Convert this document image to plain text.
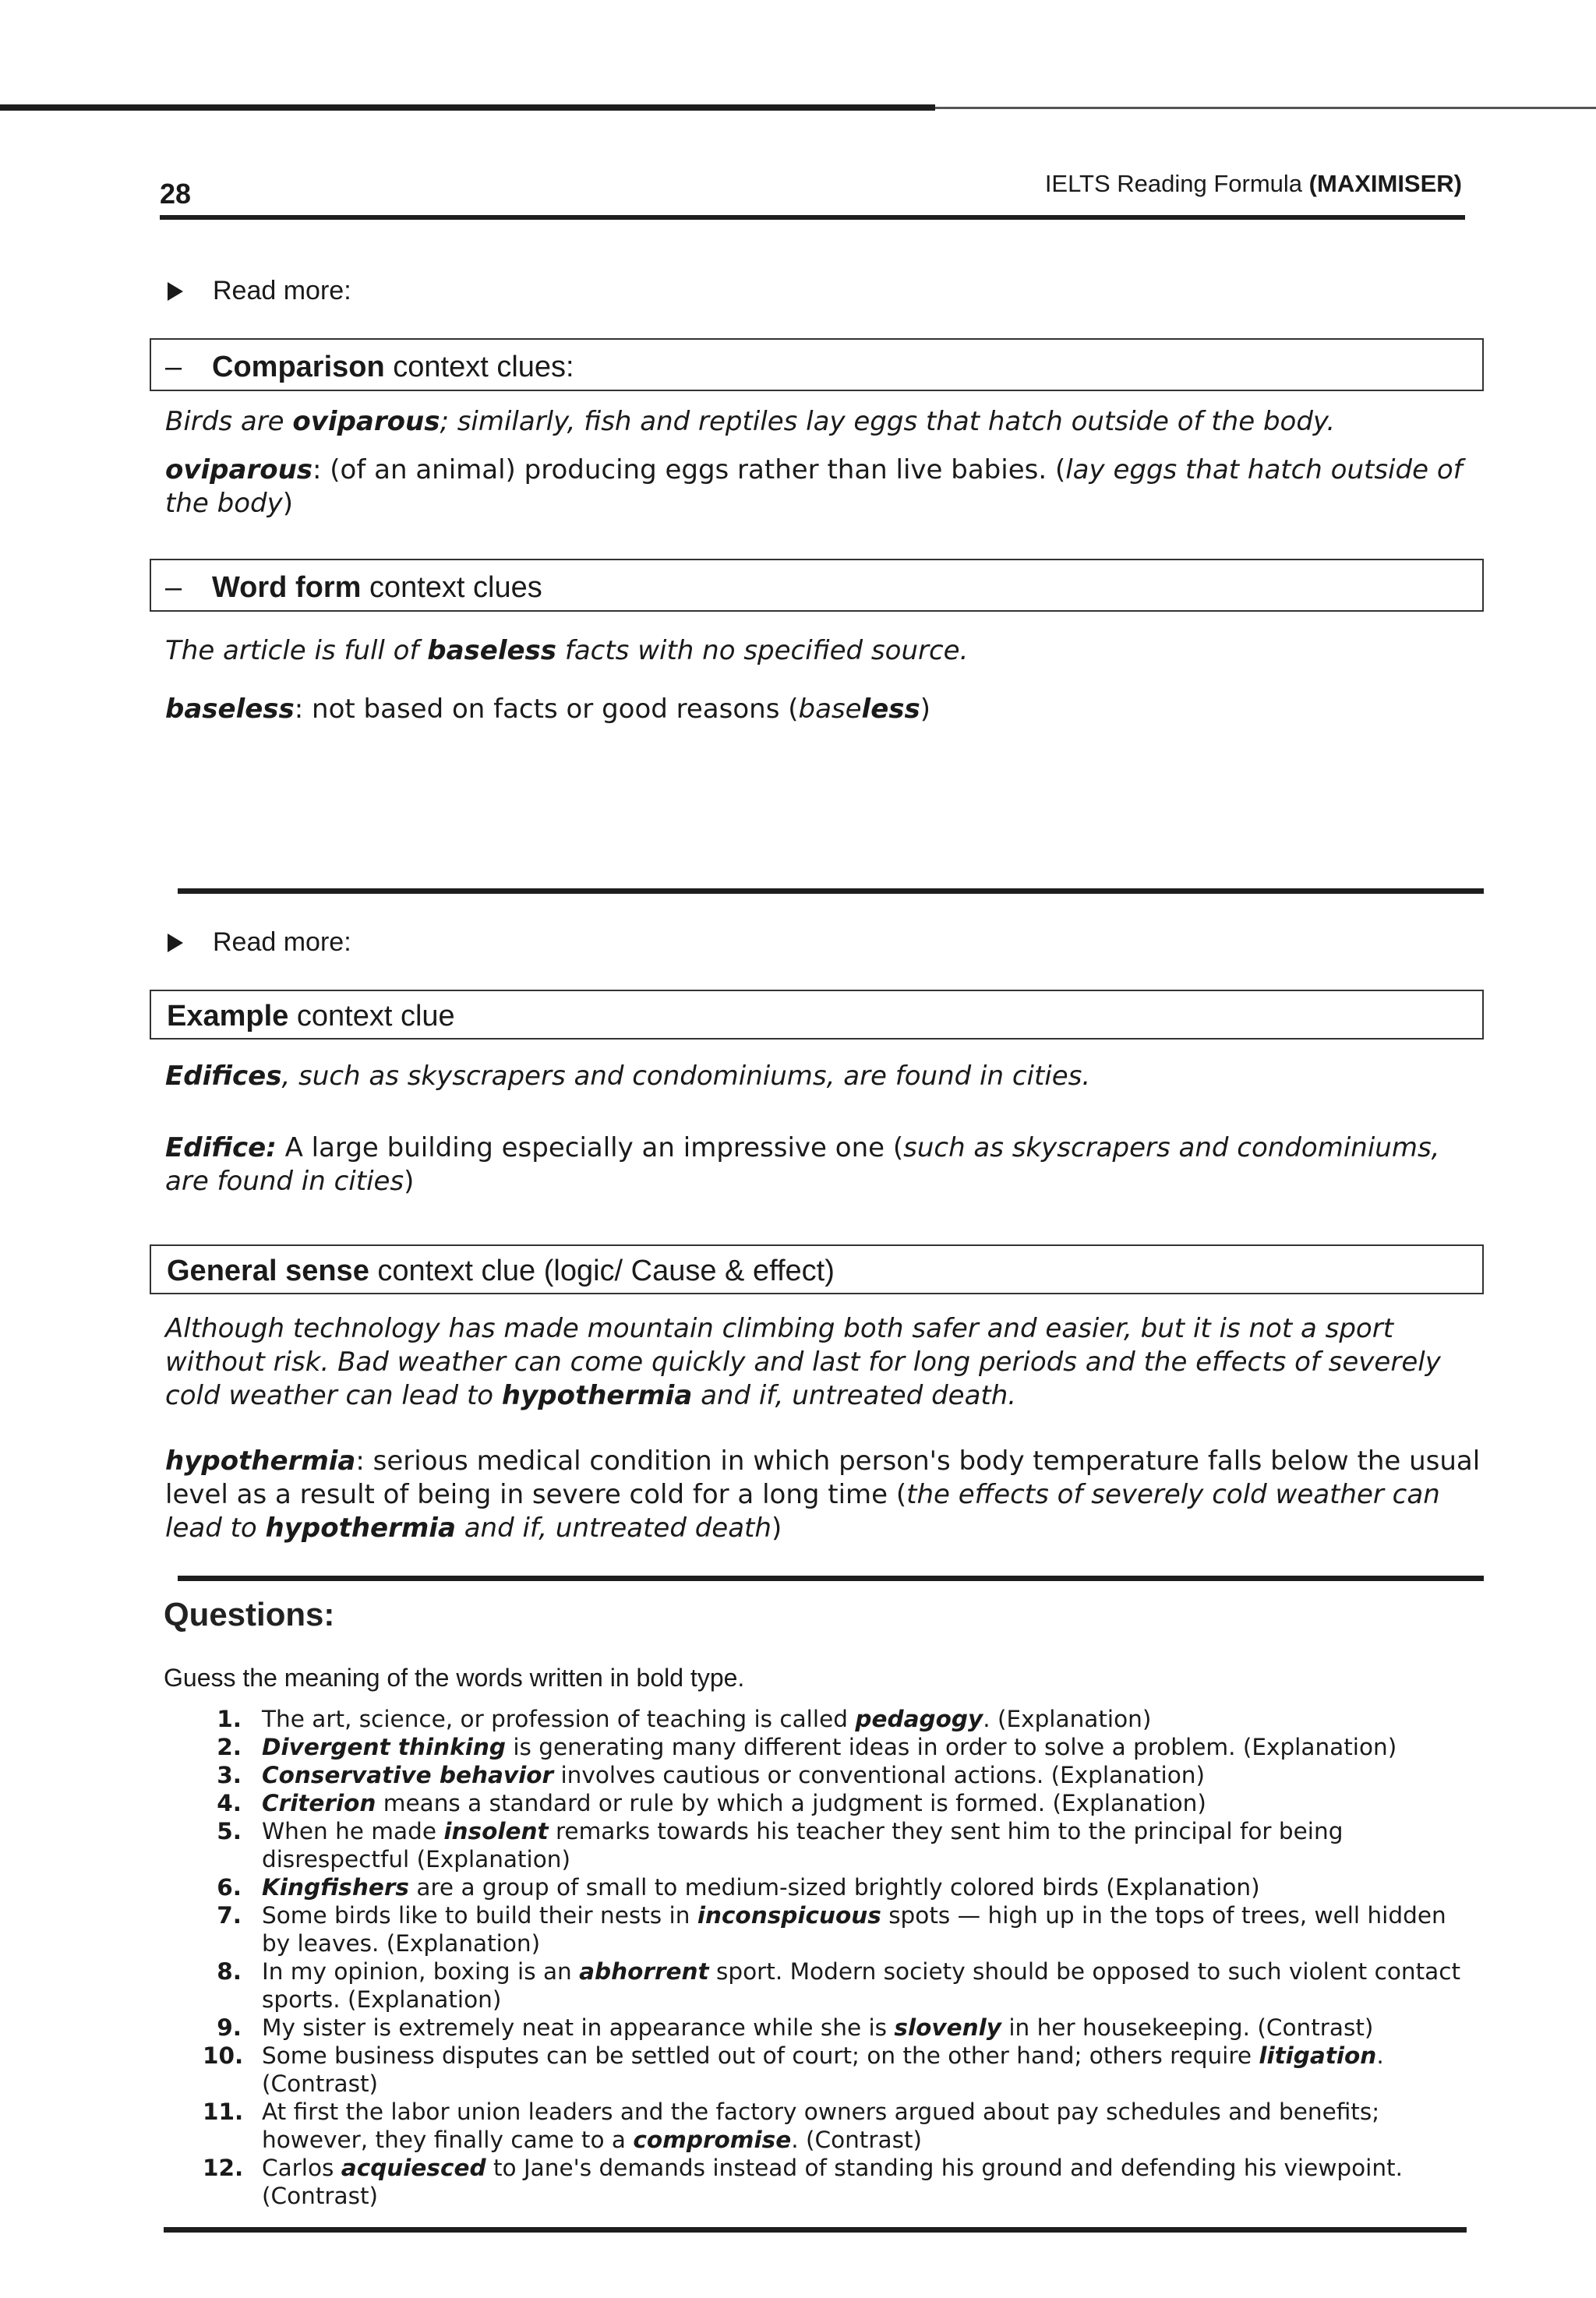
28	IELTS Reading Formula (MAXIMISER)
Read more:
– Comparison context clues:
Birds are oviparous; similarly, fish and reptiles lay eggs that hatch outside of the body.
oviparous: (of an animal) producing eggs rather than live babies. (lay eggs that hatch outside of the body)
– Word form context clues
The article is full of baseless facts with no specified source.
baseless: not based on facts or good reasons (baseless)
Read more:
Example context clue
Edifices, such as skyscrapers and condominiums, are found in cities.
Edifice: A large building especially an impressive one (such as skyscrapers and condominiums, are found in cities)
General sense context clue (logic/ Cause & effect)
Although technology has made mountain climbing both safer and easier, but it is not a sport without risk. Bad weather can come quickly and last for long periods and the effects of severely cold weather can lead to hypothermia and if, untreated death.
hypothermia: serious medical condition in which person's body temperature falls below the usual level as a result of being in severe cold for a long time (the effects of severely cold weather can lead to hypothermia and if, untreated death)
Questions:
Guess the meaning of the words written in bold type.
1. The art, science, or profession of teaching is called pedagogy. (Explanation)
2. Divergent thinking is generating many different ideas in order to solve a problem. (Explanation)
3. Conservative behavior involves cautious or conventional actions. (Explanation)
4. Criterion means a standard or rule by which a judgment is formed. (Explanation)
5. When he made insolent remarks towards his teacher they sent him to the principal for being disrespectful (Explanation)
6. Kingfishers are a group of small to medium-sized brightly colored birds (Explanation)
7. Some birds like to build their nests in inconspicuous spots — high up in the tops of trees, well hidden by leaves. (Explanation)
8. In my opinion, boxing is an abhorrent sport. Modern society should be opposed to such violent contact sports. (Explanation)
9. My sister is extremely neat in appearance while she is slovenly in her housekeeping. (Contrast)
10. Some business disputes can be settled out of court; on the other hand; others require litigation. (Contrast)
11. At first the labor union leaders and the factory owners argued about pay schedules and benefits; however, they finally came to a compromise. (Contrast)
12. Carlos acquiesced to Jane's demands instead of standing his ground and defending his viewpoint. (Contrast)
